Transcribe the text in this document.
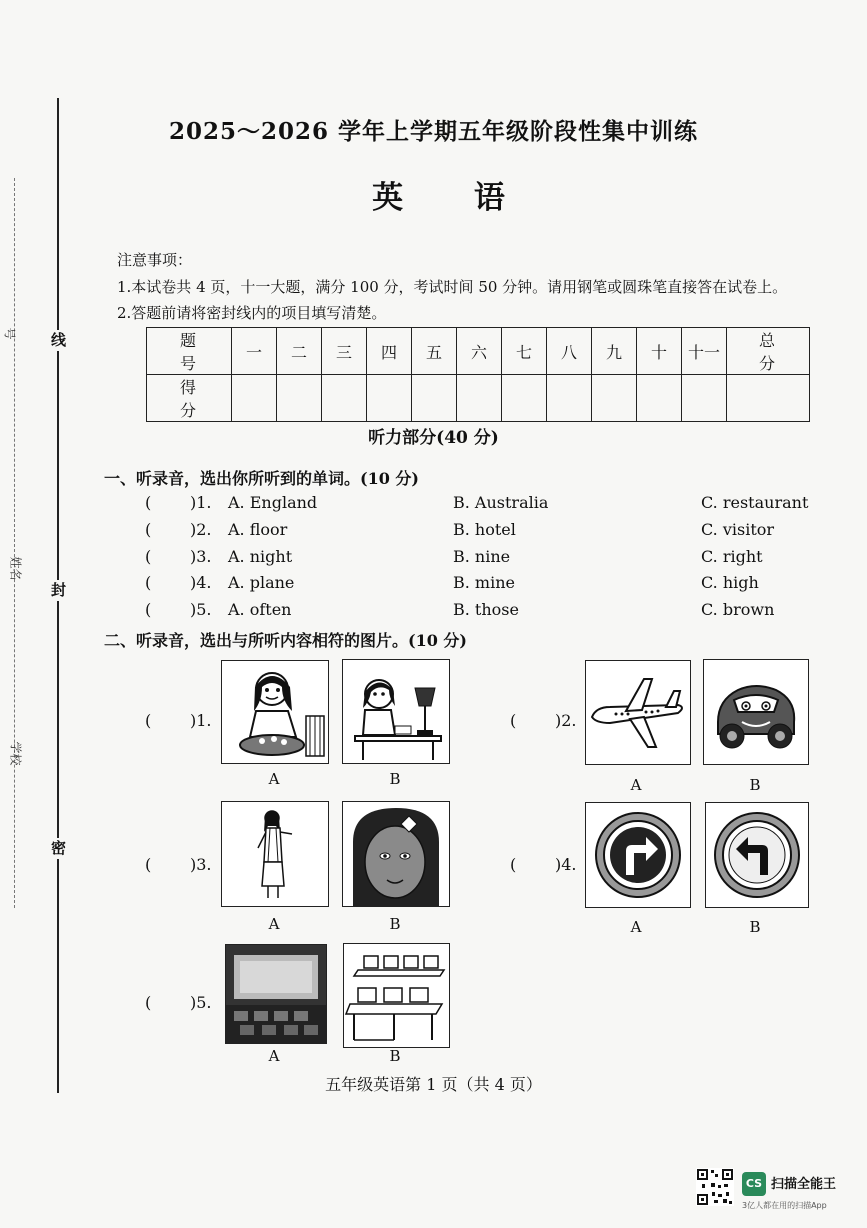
线
封
密
号
姓名
学校
2025～2026 学年上学期五年级阶段性集中训练
英 语
注意事项：
1.本试卷共 4 页，十一大题，满分 100 分，考试时间 50 分钟。请用钢笔或圆珠笔直接答在试卷上。
2.答题前请将密封线内的项目填写清楚。
题 号	一	二	三	四	五	六	七	八	九	十	十一	总 分
得 分												
听力部分(40 分)
一、听录音，选出你所听到的单词。(10 分)
( )1. A. England	B. Australia	C. restaurant
( )2. A. floor	B. hotel	C. visitor
( )3. A. night	B. nine	C. right
( )4. A. plane	B. mine	C. high
( )5. A. often	B. those	C. brown
二、听录音，选出与所听内容相符的图片。(10 分)
( )1.
A	B
( )2.
A	B
( )3.
A	B
( )4.
A	B
( )5.
A	B
五年级英语第 1 页（共 4 页）
CS 扫描全能王
3亿人都在用的扫描App
